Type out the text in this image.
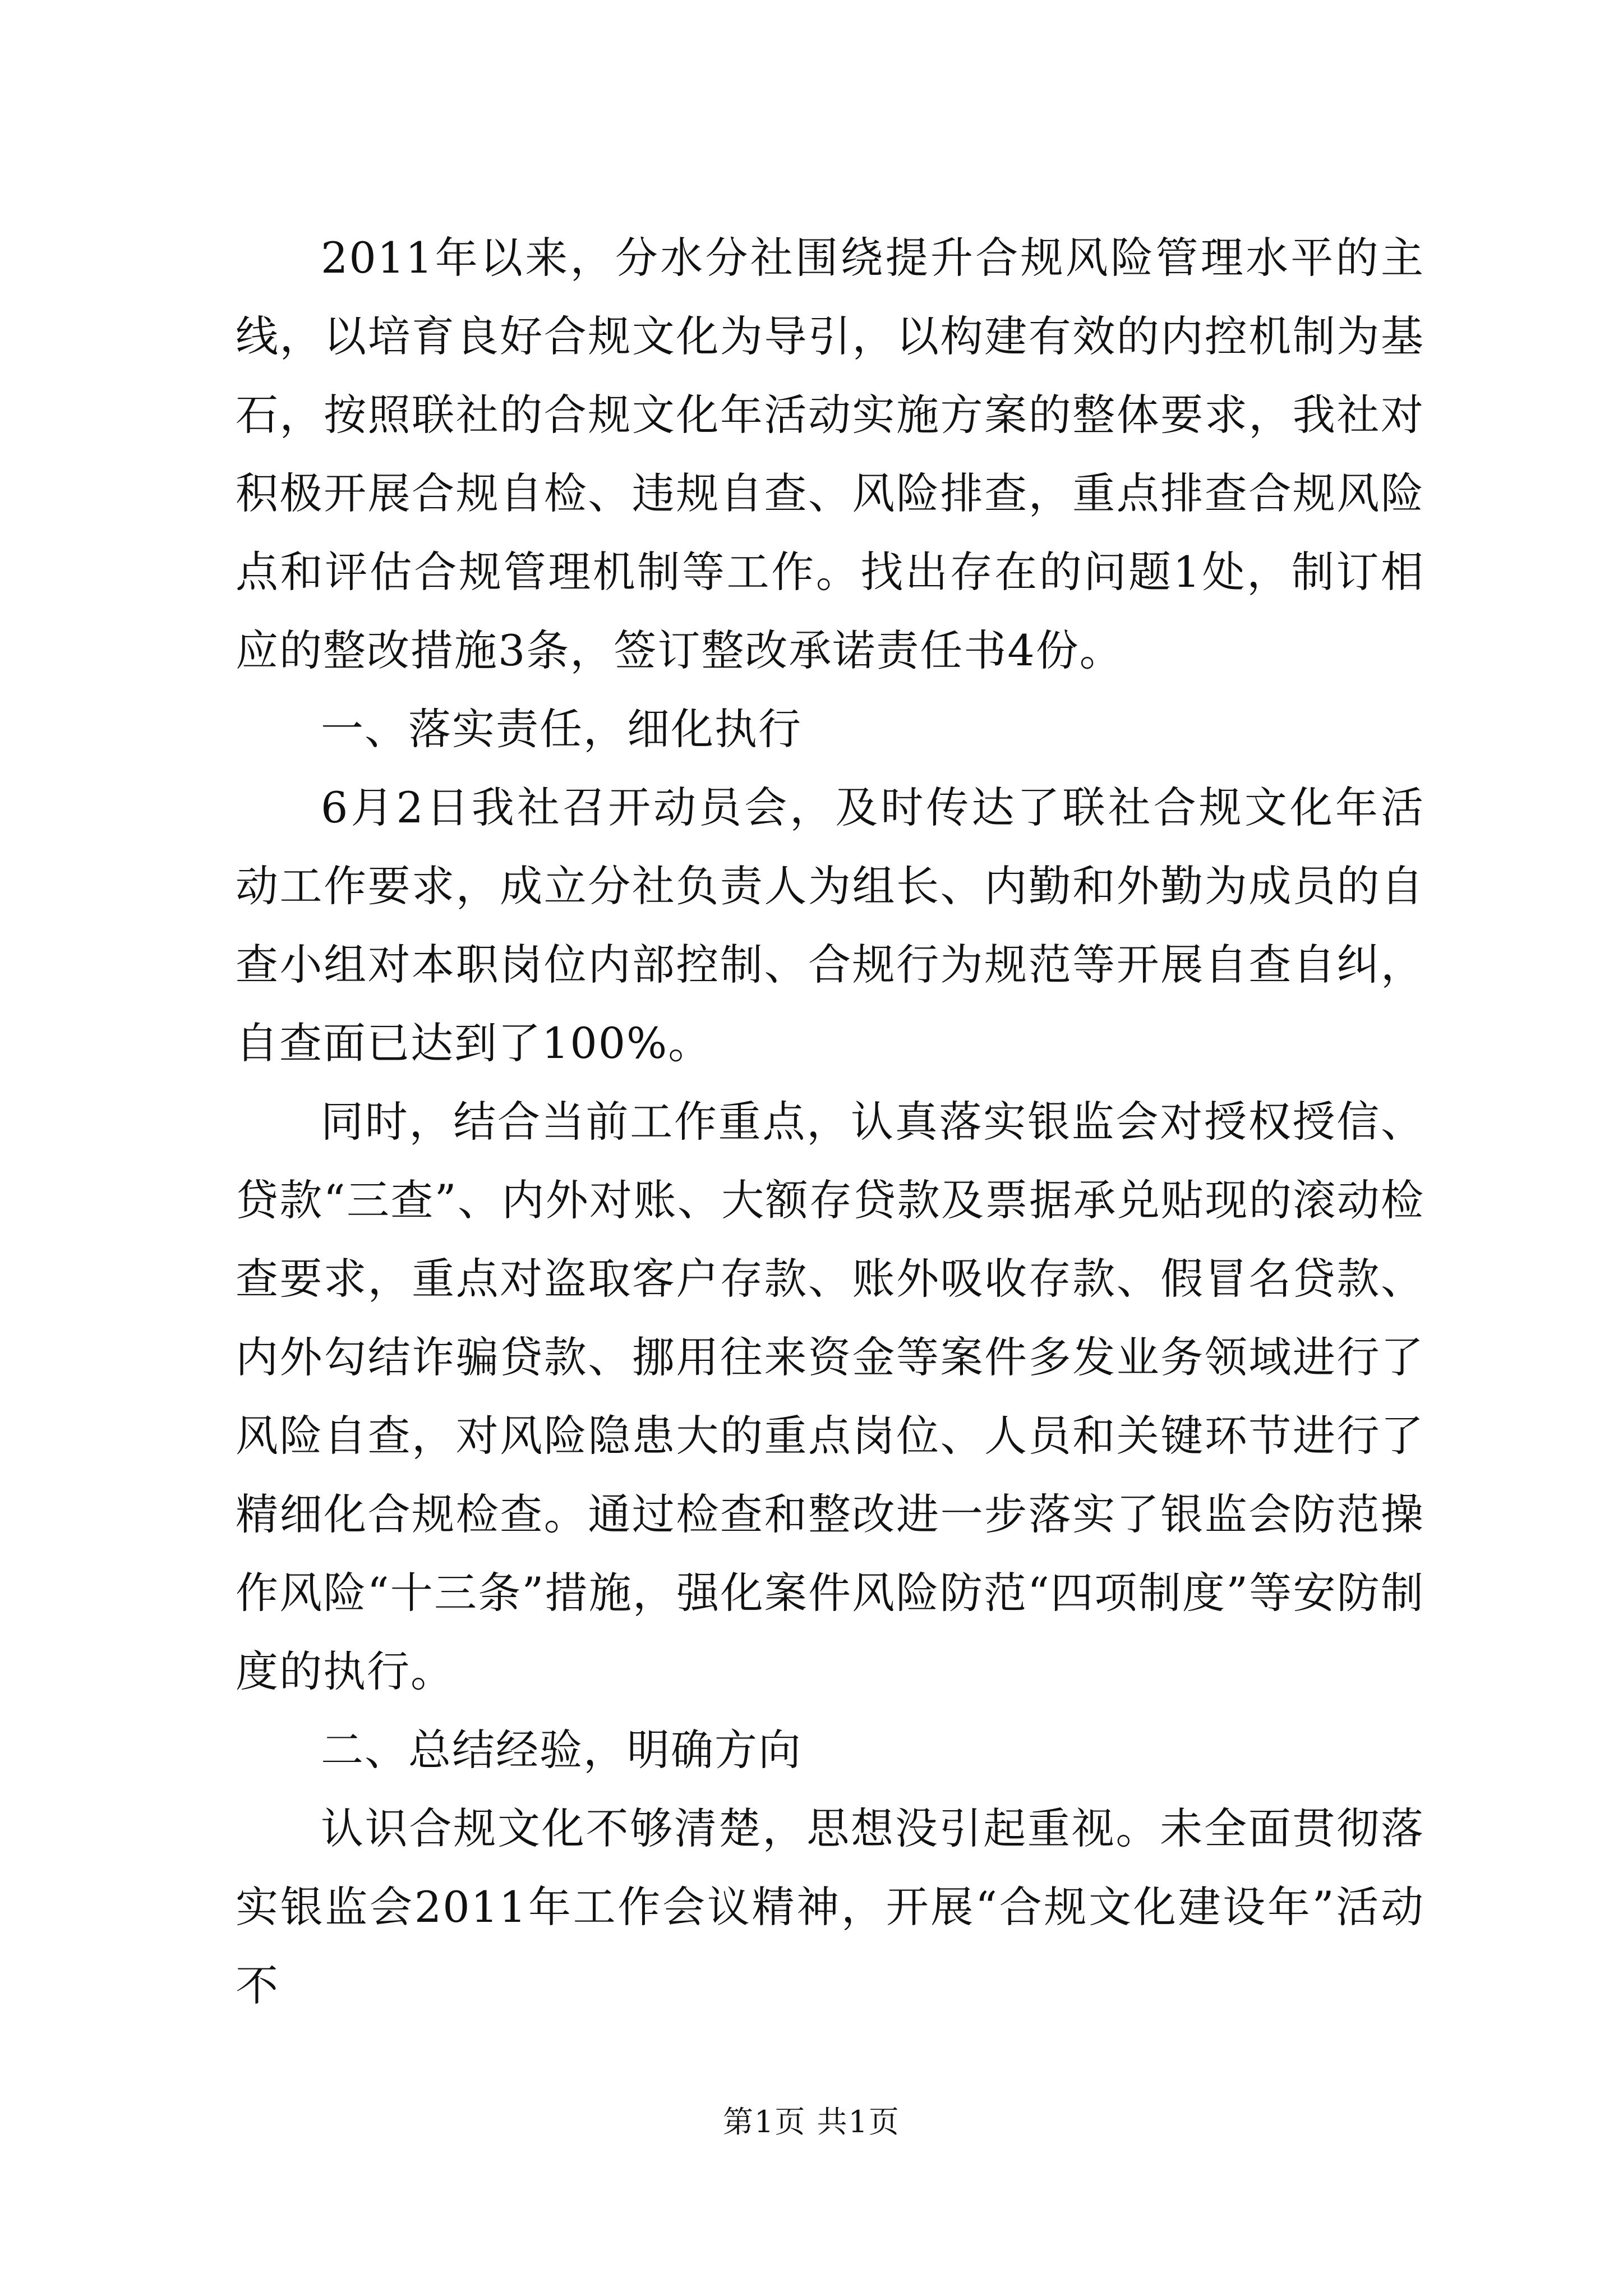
2011年以来，分水分社围绕提升合规风险管理水平的主线，以培育良好合规文化为导引，以构建有效的内控机制为基石，按照联社的合规文化年活动实施方案的整体要求，我社对积极开展合规自检、违规自查、风险排查，重点排查合规风险点和评估合规管理机制等工作。找出存在的问题1处，制订相应的整改措施3条，签订整改承诺责任书4份。

一、落实责任，细化执行

6月2日我社召开动员会，及时传达了联社合规文化年活动工作要求，成立分社负责人为组长、内勤和外勤为成员的自查小组对本职岗位内部控制、合规行为规范等开展自查自纠，自查面已达到了100%。

同时，结合当前工作重点，认真落实银监会对授权授信、贷款“三查”、内外对账、大额存贷款及票据承兑贴现的滚动检查要求，重点对盗取客户存款、账外吸收存款、假冒名贷款、内外勾结诈骗贷款、挪用往来资金等案件多发业务领域进行了风险自查，对风险隐患大的重点岗位、人员和关键环节进行了精细化合规检查。通过检查和整改进一步落实了银监会防范操作风险“十三条”措施，强化案件风险防范“四项制度”等安防制度的执行。

二、总结经验，明确方向

认识合规文化不够清楚，思想没引起重视。未全面贯彻落实银监会2011年工作会议精神，开展“合规文化建设年”活动不

第1页 共1页
